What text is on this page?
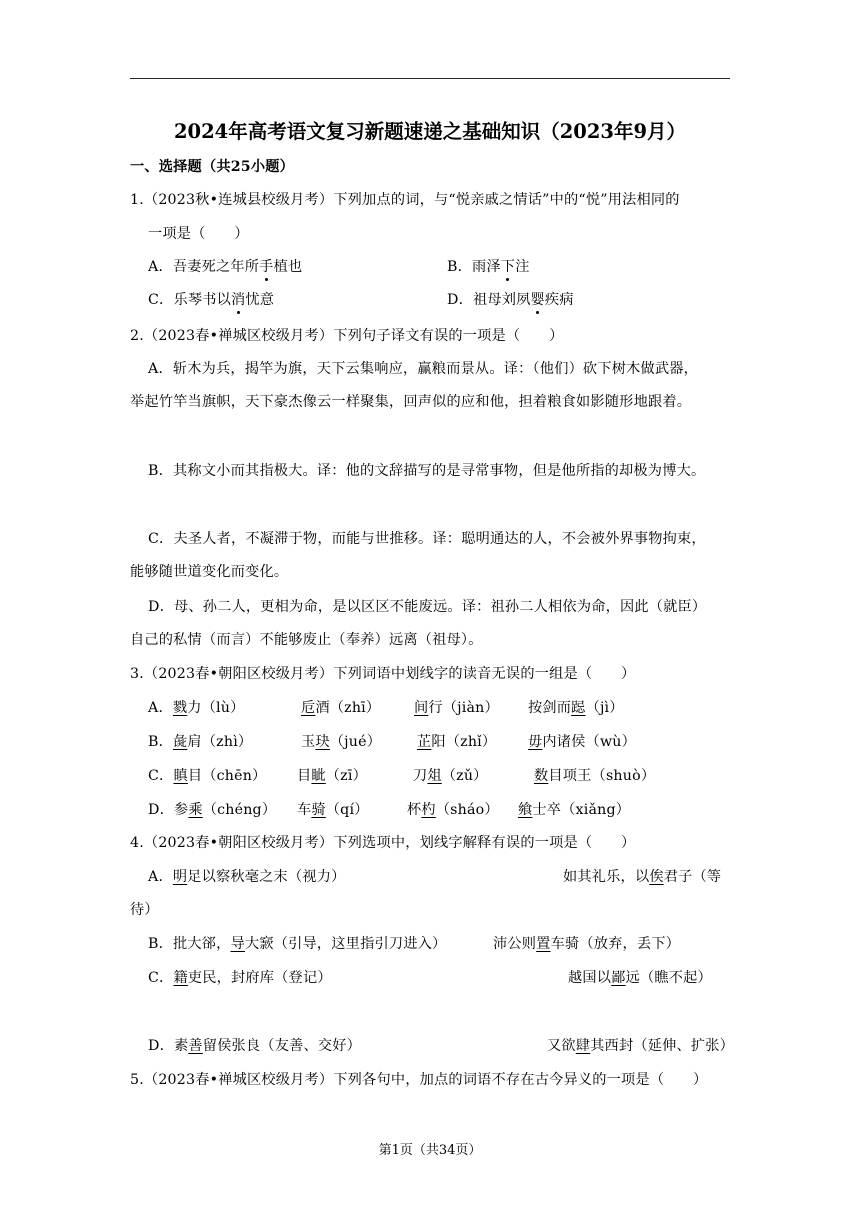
2024年高考语文复习新题速递之基础知识（2023年9月）
一、选择题（共25小题）
1.（2023秋•连城县校级月考）下列加点的词，与“悦亲戚之情话”中的“悦”用法相同的
一项是（　　）
A．吾妻死之年所手植也	B．雨泽下注
C．乐琴书以消忧意	D．祖母刘夙婴疾病
2.（2023春•禅城区校级月考）下列句子译文有误的一项是（　　）
A．斩木为兵，揭竿为旗，天下云集响应，赢粮而景从。译：（他们）砍下树木做武器，
举起竹竿当旗帜，天下豪杰像云一样聚集，回声似的应和他，担着粮食如影随形地跟着。
B．其称文小而其指极大。译：他的文辞描写的是寻常事物，但是他所指的却极为博大。
C．夫圣人者，不凝滞于物，而能与世推移。译：聪明通达的人，不会被外界事物拘束，
能够随世道变化而变化。
D．母、孙二人，更相为命，是以区区不能废远。译：祖孙二人相依为命，因此（就臣）
自己的私情（而言）不能够废止（奉养）远离（祖母）。
3.（2023春•朝阳区校级月考）下列词语中划线字的读音无误的一组是（　　）
A．戮力（lù）	卮酒（zhī） 间行（jiàn） 按剑而跽（jì）
B．彘肩（zhì）	玉玦（jué）	芷阳（zhǐ） 毋内诸侯（wù）
C．瞋目（chēn） 目眦（zī）	刀俎（zǔ）	数目项王（shuò）
D．参乘（chéng） 车骑（qí）	杯杓（sháo） 飨士卒（xiǎng）
4.（2023春•朝阳区校级月考）下列选项中，划线字解释有误的一项是（　　）
A．明足以察秋毫之末（视力）	如其礼乐，以俟君子（等
待）
B．批大郤，导大窾（引导，这里指引刀进入）	沛公则置车骑（放弃，丢下）
C．籍吏民，封府库（登记）	越国以鄙远（瞧不起）
D．素善留侯张良（友善、交好）	又欲肆其西封（延伸、扩张）
5.（2023春•禅城区校级月考）下列各句中，加点的词语不存在古今异义的一项是（　　）
第1页（共34页）
